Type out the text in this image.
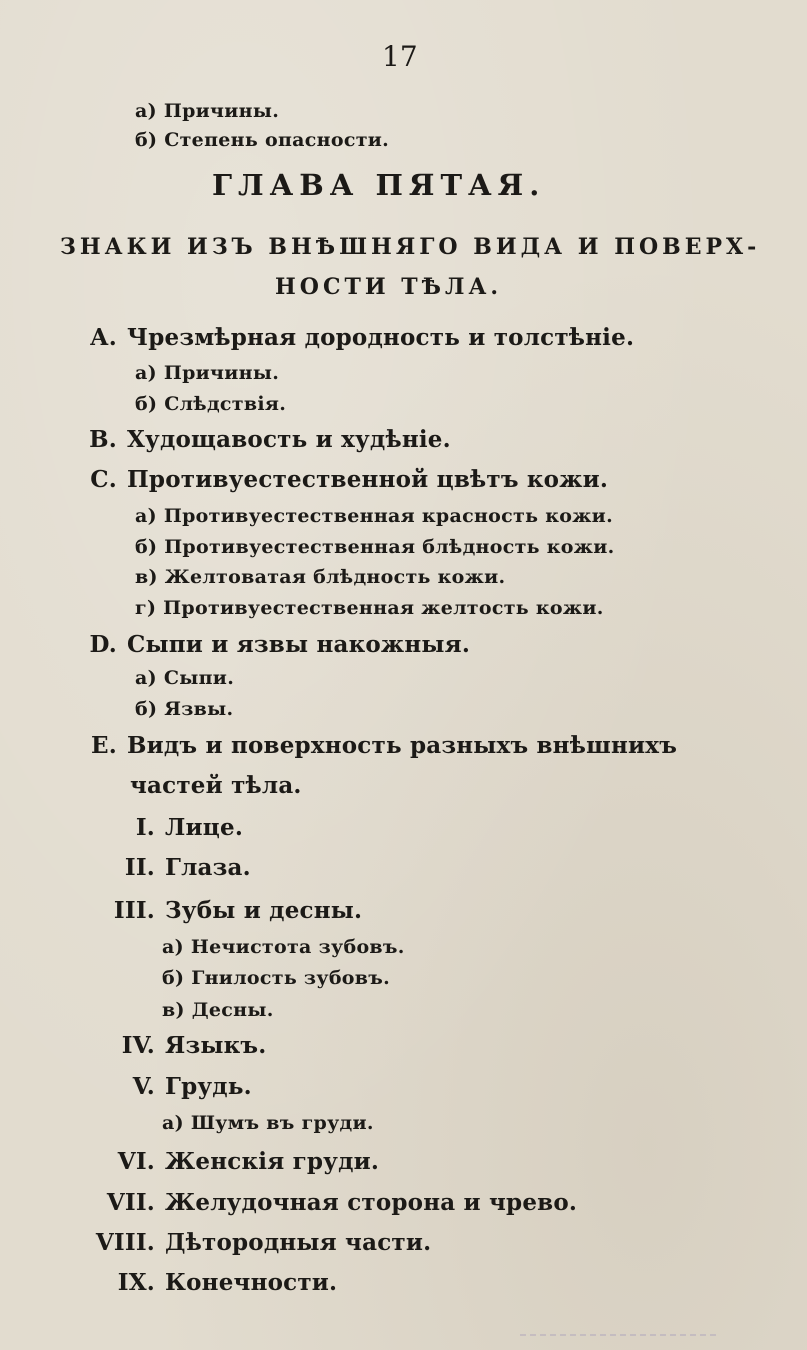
17
а) Причины.
б) Степень опасности.
ГЛАВА ПЯТАЯ.
ЗНАКИ ИЗЪ ВНѢШНЯГО ВИДА И ПОВЕРХ-
НОСТИ ТѢЛА.
А. Чрезмѣрная дородность и толстѣніе.
а) Причины.
б) Слѣдствія.
В. Худощавость и худѣніе.
С. Противуестественной цвѣтъ кожи.
а) Противуестественная красность кожи.
б) Противуестественная блѣдность кожи.
в) Желтоватая блѣдность кожи.
г) Противуестественная желтость кожи.
D. Сыпи и язвы накожныя.
а) Сыпи.
б) Язвы.
Е. Видъ и поверхность разныхъ внѣшнихъ
частей тѣла.
I. Лице.
II. Глаза.
III. Зубы и десны.
а) Нечистота зубовъ.
б) Гнилость зубовъ.
в) Десны.
IV. Языкъ.
V. Грудь.
а) Шумъ въ груди.
VI. Женскія груди.
VII. Желудочная сторона и чрево.
VIII. Дѣтородныя части.
IX. Конечности.
